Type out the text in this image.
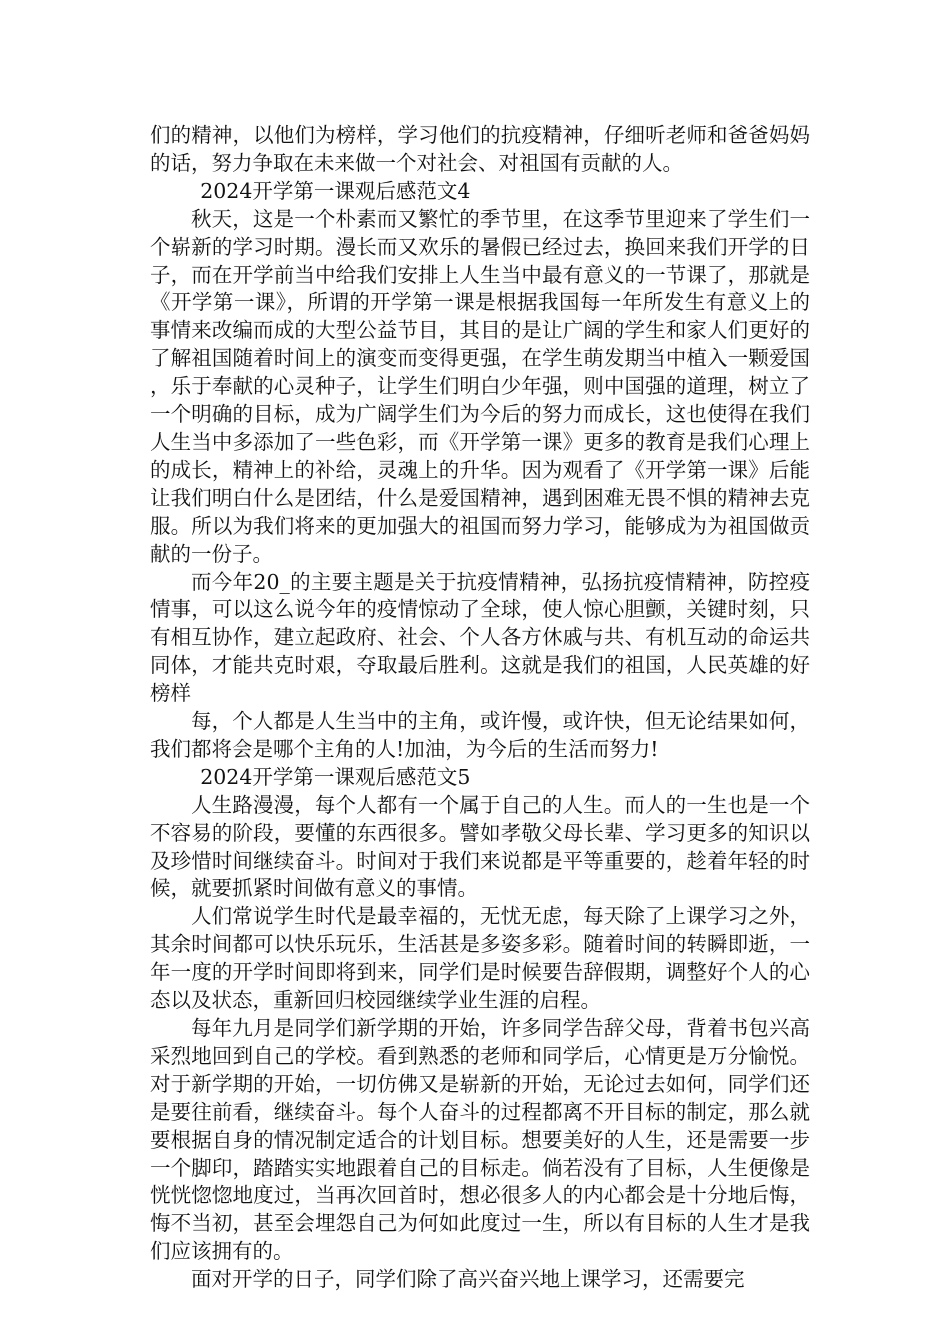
们的精神，以他们为榜样，学习他们的抗疫精神，仔细听老师和爸爸妈妈的话，努力争取在未来做一个对社会、对祖国有贡献的人。

2024开学第一课观后感范文4

秋天，这是一个朴素而又繁忙的季节里，在这季节里迎来了学生们一个崭新的学习时期。漫长而又欢乐的暑假已经过去，换回来我们开学的日子，而在开学前当中给我们安排上人生当中最有意义的一节课了，那就是《开学第一课》，所谓的开学第一课是根据我国每一年所发生有意义上的事情来改编而成的大型公益节目，其目的是让广阔的学生和家人们更好的了解祖国随着时间上的演变而变得更强，在学生萌发期当中植入一颗爱国，乐于奉献的心灵种子，让学生们明白少年强，则中国强的道理，树立了一个明确的目标，成为广阔学生们为今后的努力而成长，这也使得在我们人生当中多添加了一些色彩，而《开学第一课》更多的教育是我们心理上的成长，精神上的补给，灵魂上的升华。因为观看了《开学第一课》后能让我们明白什么是团结，什么是爱国精神，遇到困难无畏不惧的精神去克服。所以为我们将来的更加强大的祖国而努力学习，能够成为为祖国做贡献的一份子。

而今年20_的主要主题是关于抗疫情精神，弘扬抗疫情精神，防控疫情事，可以这么说今年的疫情惊动了全球，使人惊心胆颤，关键时刻，只有相互协作，建立起政府、社会、个人各方休戚与共、有机互动的命运共同体，才能共克时艰，夺取最后胜利。这就是我们的祖国，人民英雄的好榜样

每，个人都是人生当中的主角，或许慢，或许快，但无论结果如何，我们都将会是哪个主角的人!加油，为今后的生活而努力!

2024开学第一课观后感范文5

人生路漫漫，每个人都有一个属于自己的人生。而人的一生也是一个不容易的阶段，要懂的东西很多。譬如孝敬父母长辈、学习更多的知识以及珍惜时间继续奋斗。时间对于我们来说都是平等重要的，趁着年轻的时候，就要抓紧时间做有意义的事情。

人们常说学生时代是最幸福的，无忧无虑，每天除了上课学习之外，其余时间都可以快乐玩乐，生活甚是多姿多彩。随着时间的转瞬即逝，一年一度的开学时间即将到来，同学们是时候要告辞假期，调整好个人的心态以及状态，重新回归校园继续学业生涯的启程。

每年九月是同学们新学期的开始，许多同学告辞父母，背着书包兴高采烈地回到自己的学校。看到熟悉的老师和同学后，心情更是万分愉悦。对于新学期的开始，一切仿佛又是崭新的开始，无论过去如何，同学们还是要往前看，继续奋斗。每个人奋斗的过程都离不开目标的制定，那么就要根据自身的情况制定适合的计划目标。想要美好的人生，还是需要一步一个脚印，踏踏实实地跟着自己的目标走。倘若没有了目标，人生便像是恍恍惚惚地度过，当再次回首时，想必很多人的内心都会是十分地后悔，悔不当初，甚至会埋怨自己为何如此度过一生，所以有目标的人生才是我们应该拥有的。

面对开学的日子，同学们除了高兴奋兴地上课学习，还需要完
